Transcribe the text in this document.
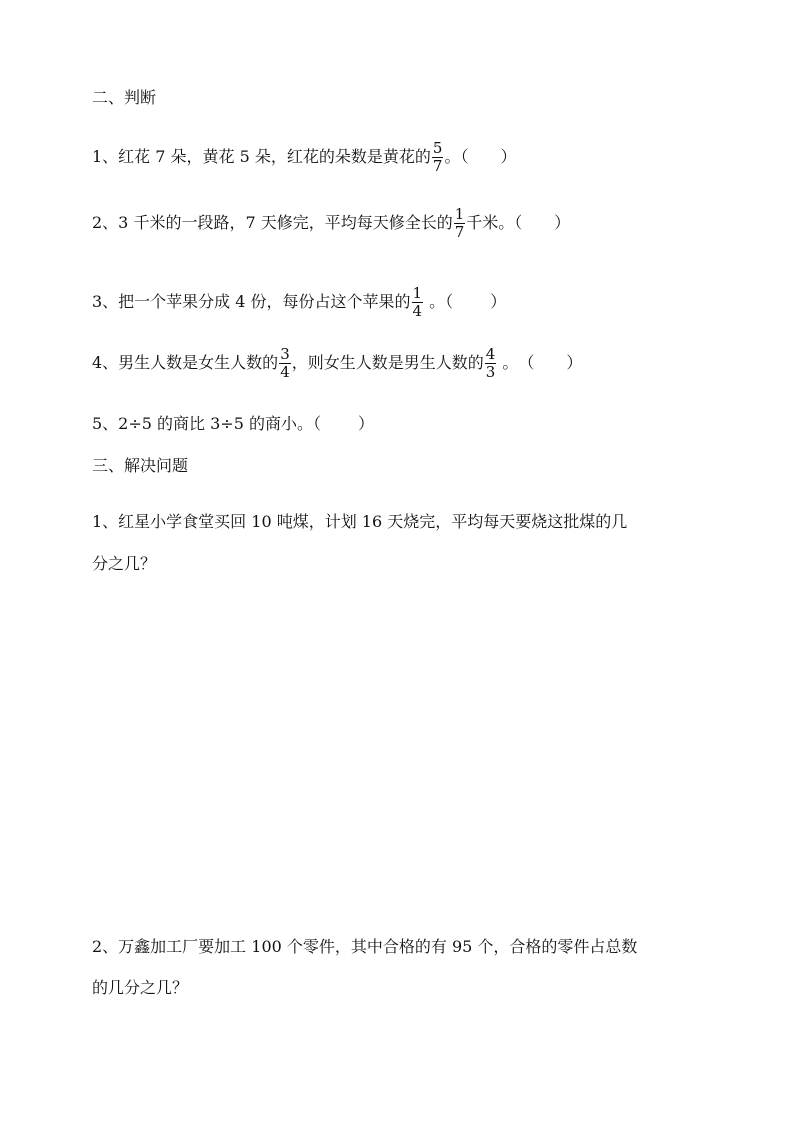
二、判断
1、红花 7 朵，黄花 5 朵，红花的朵数是黄花的 $\frac{5}{7}$ 。（　　）
2、3 千米的一段路，7 天修完，平均每天修全长的 $\frac{1}{7}$ 千米。（　　）
3、把一个苹果分成 4 份，每份占这个苹果的 $\frac{1}{4}$ 。（　　 ）
4、男生人数是女生人数的 $\frac{3}{4}$ ，则女生人数是男生人数的 $\frac{4}{3}$ 。　（　　）
5、2÷5 的商比 3÷5 的商小。（　　 ）
三、解决问题
1、红星小学食堂买回 10 吨煤，计划 16 天烧完，平均每天要烧这批煤的几
分之几？
2、万鑫加工厂要加工 100 个零件，其中合格的有 95 个，合格的零件占总数
的几分之几？
